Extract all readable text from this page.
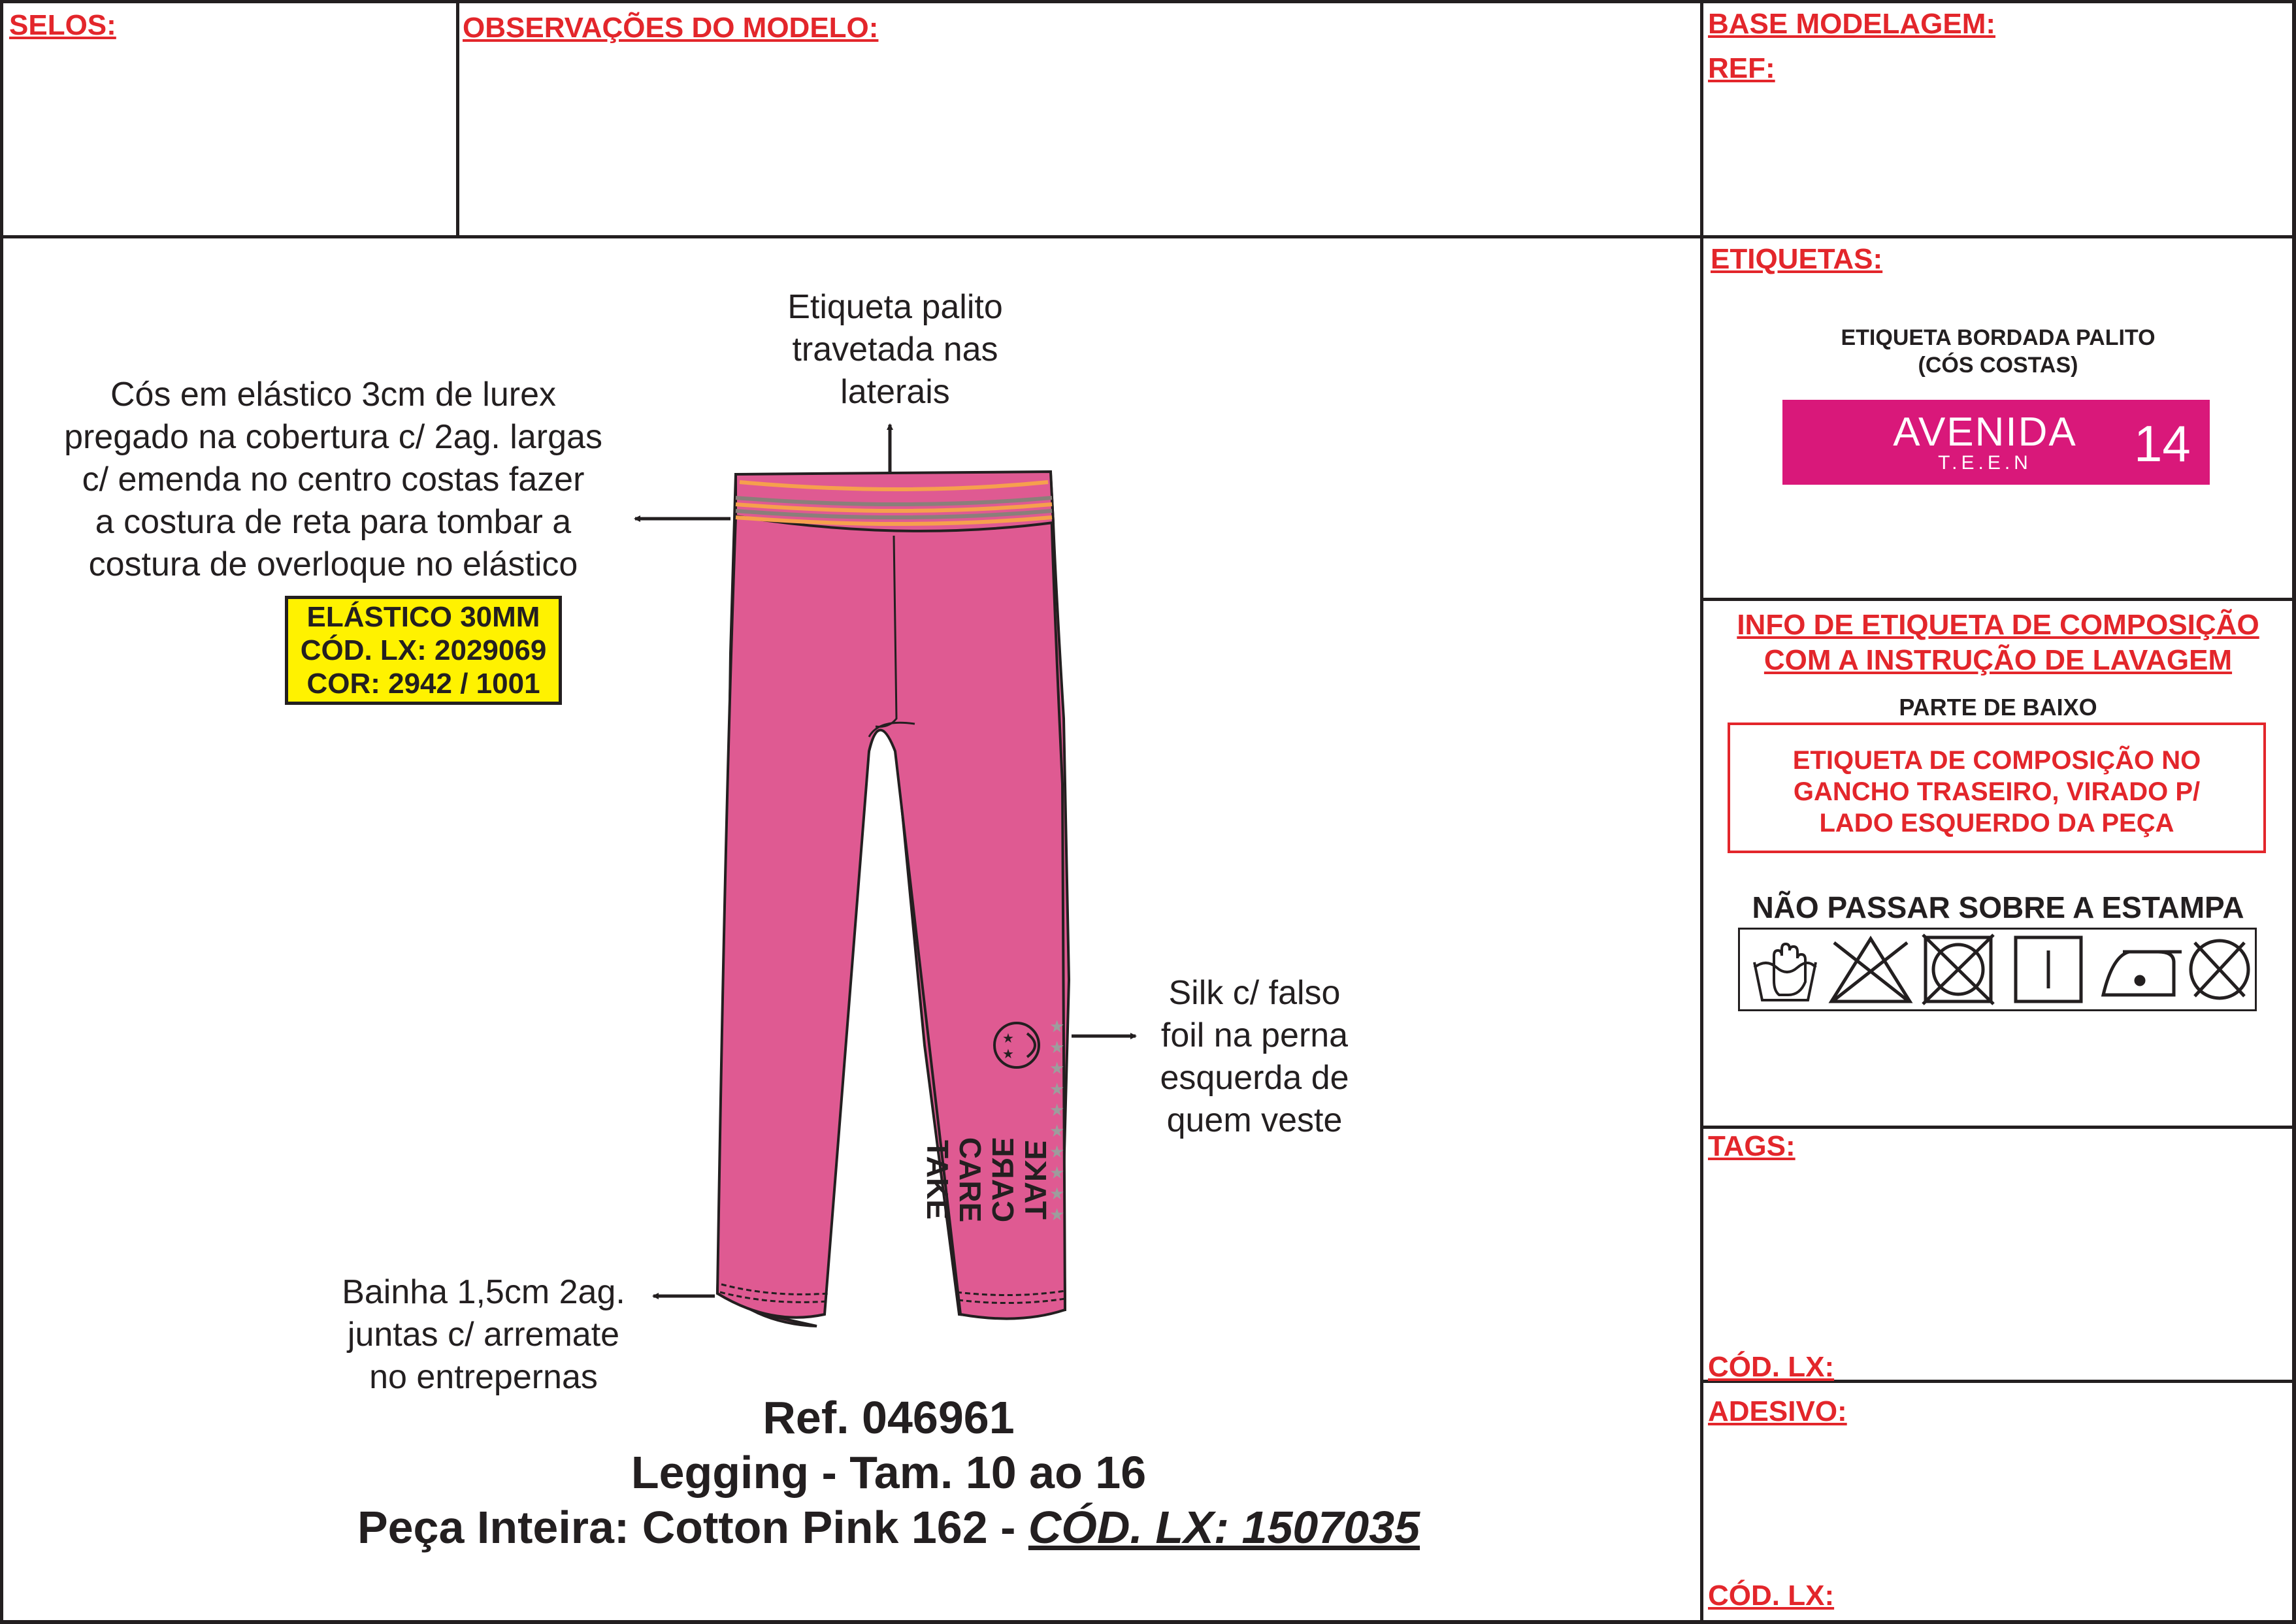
SELOS:	OBSERVAÇÕES DO MODELO:	BASE MODELAGEM:
REF:
ETIQUETAS:
ETIQUETA BORDADA PALITO
(CÓS COSTAS)
AVENIDA
T.E.E.N	14
INFO DE ETIQUETA DE COMPOSIÇÃO
COM A INSTRUÇÃO DE LAVAGEM
PARTE DE BAIXO
ETIQUETA DE COMPOSIÇÃO NO
GANCHO TRASEIRO, VIRADO P/
LADO ESQUERDO DA PEÇA
NÃO PASSAR SOBRE A ESTAMPA
TAGS:
CÓD. LX:
ADESIVO:
CÓD. LX:
★
★
★
★
★
★
★
★
★
★
★
★
TAKE CARE
CARE TAKE
Etiqueta palito
travetada nas
laterais
Cós em elástico 3cm de lurex
pregado na cobertura c/ 2ag. largas
c/ emenda no centro costas fazer
a costura de reta para tombar a
costura de overloque no elástico
ELÁSTICO 30MM
CÓD. LX: 2029069
COR: 2942 / 1001
Silk c/ falso
foil na perna
esquerda de
quem veste
Bainha 1,5cm 2ag.
juntas c/ arremate
no entrepernas
Ref. 046961
Legging - Tam. 10 ao 16
Peça Inteira: Cotton Pink 162 - CÓD. LX: 1507035
